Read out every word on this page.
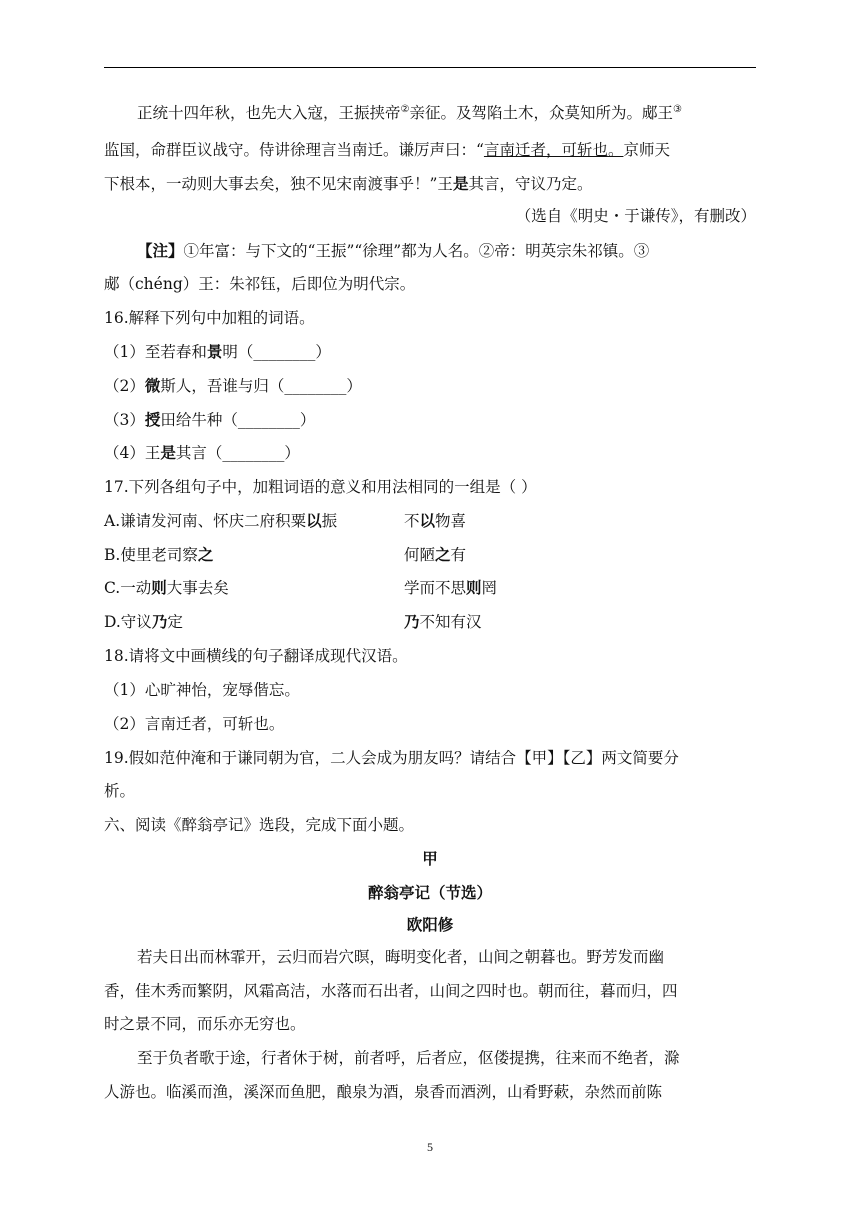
正统十四年秋，也先大入寇，王振挟帝②亲征。及驾陷土木，众莫知所为。郕王③
监国，命群臣议战守。侍讲徐理言当南迁。谦厉声曰：“言南迁者，可斩也。京师天
下根本，一动则大事去矣，独不见宋南渡事乎！”王是其言，守议乃定。
（选自《明史・于谦传》，有删改）
【注】①年富：与下文的“王振”“徐理”都为人名。②帝：明英宗朱祁镇。③
郕（chéng）王：朱祁钰，后即位为明代宗。
16.解释下列句中加粗的词语。
（1）至若春和景明（________）
（2）微斯人，吾谁与归（________）
（3）授田给牛种（________）
（4）王是其言（________）
17.下列各组句子中，加粗词语的意义和用法相同的一组是（ ）
A.谦请发河南、怀庆二府积粟以振	不以物喜
B.使里老司察之	何陋之有
C.一动则大事去矣	学而不思则罔
D.守议乃定	乃不知有汉
18.请将文中画横线的句子翻译成现代汉语。
（1）心旷神怡，宠辱偕忘。
（2）言南迁者，可斩也。
19.假如范仲淹和于谦同朝为官，二人会成为朋友吗？请结合【甲】【乙】两文简要分
析。
六、阅读《醉翁亭记》选段，完成下面小题。
甲
醉翁亭记（节选）
欧阳修
若夫日出而林霏开，云归而岩穴暝，晦明变化者，山间之朝暮也。野芳发而幽
香，佳木秀而繁阴，风霜高洁，水落而石出者，山间之四时也。朝而往，暮而归，四
时之景不同，而乐亦无穷也。
至于负者歌于途，行者休于树，前者呼，后者应，伛偻提携，往来而不绝者，滁
人游也。临溪而渔，溪深而鱼肥，酿泉为酒，泉香而酒洌，山肴野蔌，杂然而前陈
5
